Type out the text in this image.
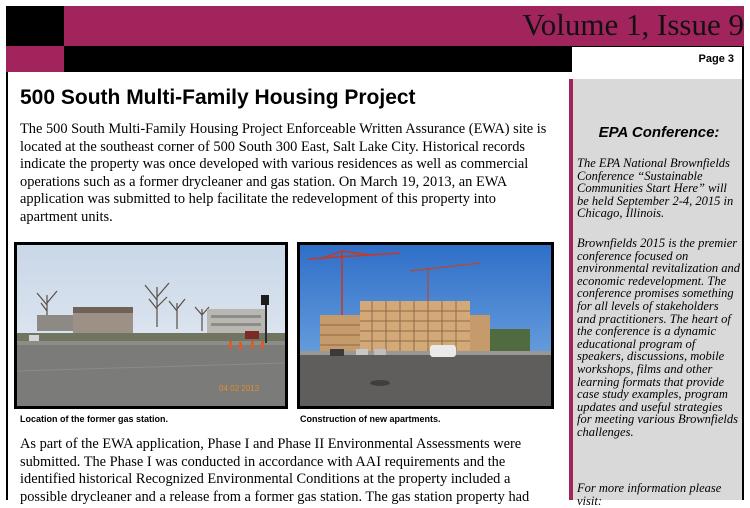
Volume 1, Issue 9
Page 3
EPA Conference:
The EPA National Brownfields Conference “Sustainable Communities Start Here” will be held September 2-4, 2015 in Chicago, Illinois.
Brownfields 2015 is the premier conference focused on environmental revitalization and economic redevelopment. The conference promises something for all levels of stakeholders and practitioners. The heart of the conference is a dynamic educational program of speakers, discussions, mobile workshops, films and other learning formats that provide case study examples, program updates and useful strategies for meeting various Brownfields challenges.
For more information please visit:
500 South Multi-Family Housing Project
The 500 South Multi-Family Housing Project Enforceable Written Assurance (EWA) site is located at the southeast corner of 500 South 300 East, Salt Lake City. Historical records indicate the property was once developed with various residences as well as commercial operations such as a former drycleaner and gas station. On March 19, 2013, an EWA application was submitted to help facilitate the redevelopment of this property into apartment units.
04 02 2013
Location of the former gas station.	Construction of new apartments.
As part of the EWA application, Phase I and Phase II Environmental Assessments were submitted. The Phase I was conducted in accordance with AAI requirements and the identified historical Recognized Environmental Conditions at the property included a possible drycleaner and a release from a former gas station. The gas station property had
